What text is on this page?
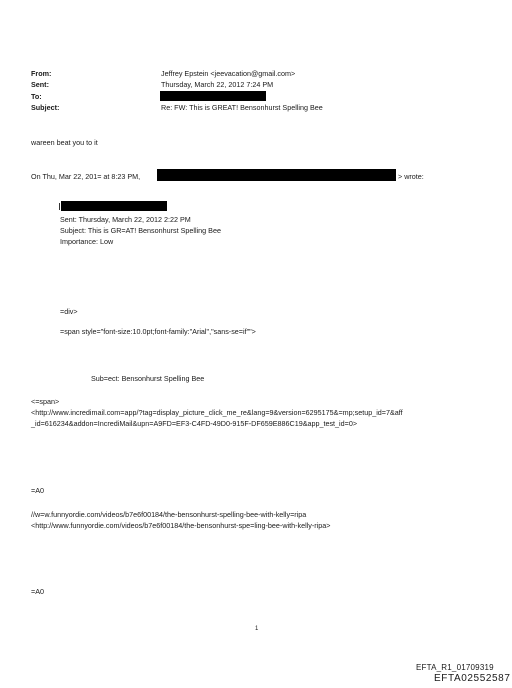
From:
Sent:
To:
Subject:
Jeffrey Epstein <jeevacation@gmail.com>
Thursday, March 22, 2012 7:24 PM
Re: FW: This is GREAT! Bensonhurst Spelling Bee
wareen beat you to it
On Thu, Mar 22, 201= at 8:23 PM,	> wrote:
Sent: Thursday, March 22, 2012 2:22 PM
Subject: This is GR=AT! Bensonhurst Spelling Bee
Importance: Low
=div>
=span style="font-size:10.0pt;font-family:"Arial","sans-se=if"">
Sub=ect: Bensonhurst Spelling Bee
<=span>
<http://www.incredimail.com=app/?tag=display_picture_click_me_re&lang=9&version=6295175&=mp;setup_id=7&aff
_id=616234&addon=IncrediMail&upn=A9FD=EF3-C4FD-49D0-915F-DF659E886C19&app_test_id=0>
=A0
//w=w.funnyordie.com/videos/b7e6f00184/the-bensonhurst-spelling-bee-with-kelly=ripa
<http://www.funnyordie.com/videos/b7e6f00184/the-bensonhurst-spe=ling-bee-with-kelly-ripa>
=A0
1
EFTA_R1_01709319
EFTA02552587
